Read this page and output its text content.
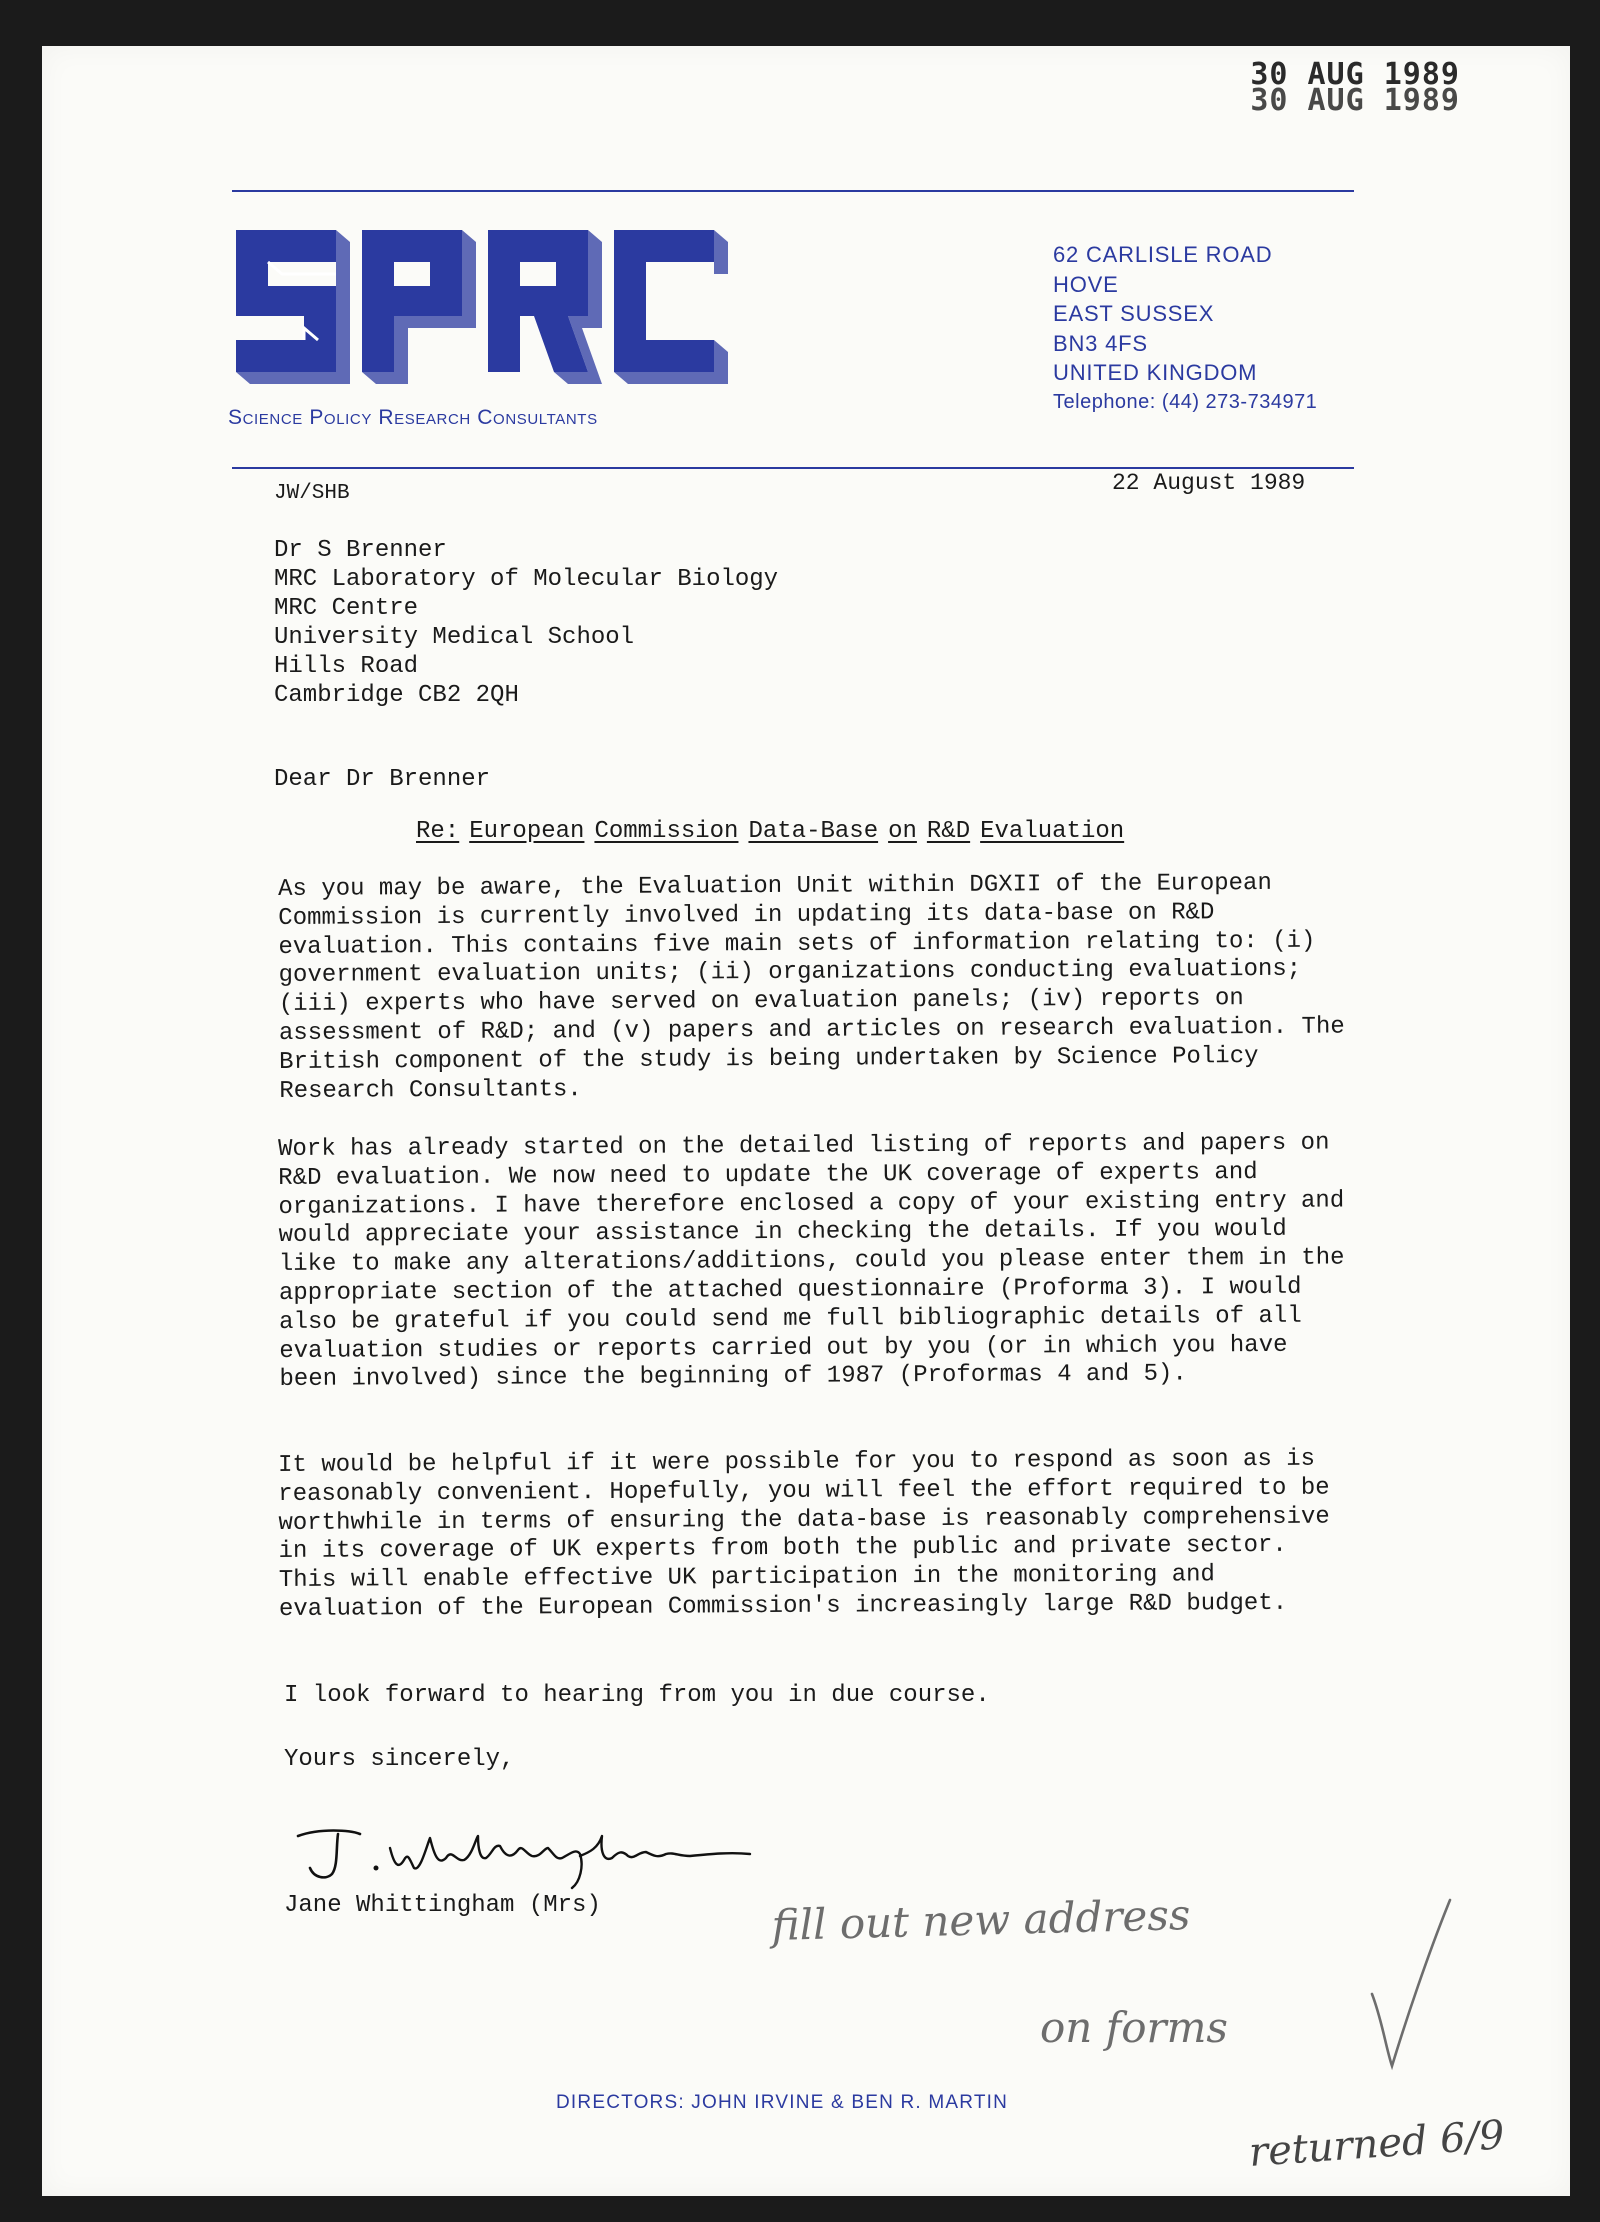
30 AUG 1989

30 AUG 1989
Science Policy Research Consultants
62 CARLISLE ROAD
HOVE
EAST SUSSEX
BN3 4FS
UNITED KINGDOM
Telephone: (44) 273-734971
JW/SHB	22 August 1989
Dr S Brenner
MRC Laboratory of Molecular Biology
MRC Centre
University Medical School
Hills Road
Cambridge CB2 2QH
Dear Dr Brenner
Re: European Commission Data-Base on R&D Evaluation

As you may be aware, the Evaluation Unit within DGXII of the European Commission is currently involved in updating its data-base on R&D evaluation. This contains five main sets of information relating to: (i) government evaluation units; (ii) organizations conducting evaluations; (iii) experts who have served on evaluation panels; (iv) reports on assessment of R&D; and (v) papers and articles on research evaluation. The British component of the study is being undertaken by Science Policy Research Consultants.

Work has already started on the detailed listing of reports and papers on R&D evaluation. We now need to update the UK coverage of experts and organizations. I have therefore enclosed a copy of your existing entry and would appreciate your assistance in checking the details. If you would like to make any alterations/additions, could you please enter them in the appropriate section of the attached questionnaire (Proforma 3). I would also be grateful if you could send me full bibliographic details of all evaluation studies or reports carried out by you (or in which you have been involved) since the beginning of 1987 (Proformas 4 and 5).

It would be helpful if it were possible for you to respond as soon as is reasonably convenient. Hopefully, you will feel the effort required to be worthwhile in terms of ensuring the data-base is reasonably comprehensive in its coverage of UK experts from both the public and private sector. This will enable effective UK participation in the monitoring and evaluation of the European Commission's increasingly large R&D budget.

I look forward to hearing from you in due course.
Yours sincerely,
Jane Whittingham (Mrs)	fill out new address
on forms
returned 6/9
DIRECTORS: JOHN IRVINE & BEN R. MARTIN
